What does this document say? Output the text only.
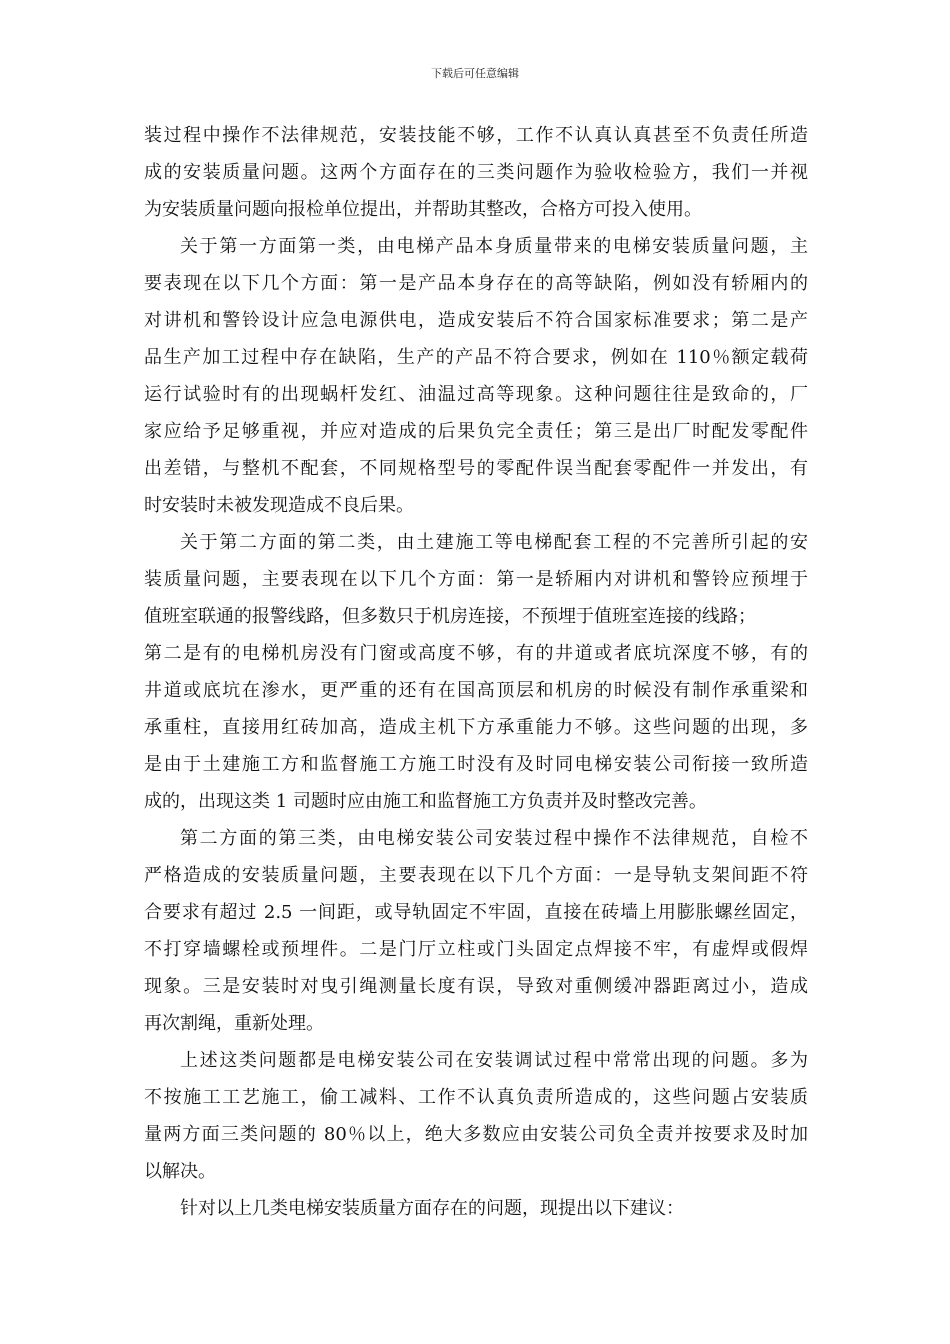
下载后可任意编辑
装过程中操作不法律规范，安装技能不够，工作不认真认真甚至不负责任所造
成的安装质量问题。这两个方面存在的三类问题作为验收检验方，我们一并视
为安装质量问题向报检单位提出，并帮助其整改，合格方可投入使用。
关于第一方面第一类，由电梯产品本身质量带来的电梯安装质量问题，主
要表现在以下几个方面：第一是产品本身存在的高等缺陷，例如没有轿厢内的
对讲机和警铃设计应急电源供电，造成安装后不符合国家标准要求；第二是产
品生产加工过程中存在缺陷，生产的产品不符合要求，例如在 110％额定载荷
运行试验时有的出现蜗杆发红、油温过高等现象。这种问题往往是致命的，厂
家应给予足够重视，并应对造成的后果负完全责任；第三是出厂时配发零配件
出差错，与整机不配套，不同规格型号的零配件误当配套零配件一并发出，有
时安装时未被发现造成不良后果。
关于第二方面的第二类，由土建施工等电梯配套工程的不完善所引起的安
装质量问题，主要表现在以下几个方面：第一是轿厢内对讲机和警铃应预埋于
值班室联通的报警线路，但多数只于机房连接，不预埋于值班室连接的线路；
第二是有的电梯机房没有门窗或高度不够，有的井道或者底坑深度不够，有的
井道或底坑在渗水，更严重的还有在国高顶层和机房的时候没有制作承重梁和
承重柱，直接用红砖加高，造成主机下方承重能力不够。这些问题的出现，多
是由于土建施工方和监督施工方施工时没有及时同电梯安装公司衔接一致所造
成的，出现这类 1 司题时应由施工和监督施工方负责并及时整改完善。
第二方面的第三类，由电梯安装公司安装过程中操作不法律规范，自检不
严格造成的安装质量问题，主要表现在以下几个方面：一是导轨支架间距不符
合要求有超过 2.5 一间距，或导轨固定不牢固，直接在砖墙上用膨胀螺丝固定，
不打穿墙螺栓或预埋件。二是门厅立柱或门头固定点焊接不牢，有虚焊或假焊
现象。三是安装时对曳引绳测量长度有误，导致对重侧缓冲器距离过小，造成
再次割绳，重新处理。
上述这类问题都是电梯安装公司在安装调试过程中常常出现的问题。多为
不按施工工艺施工，偷工减料、工作不认真负责所造成的，这些问题占安装质
量两方面三类问题的 80％以上，绝大多数应由安装公司负全责并按要求及时加
以解决。
针对以上几类电梯安装质量方面存在的问题，现提出以下建议：
